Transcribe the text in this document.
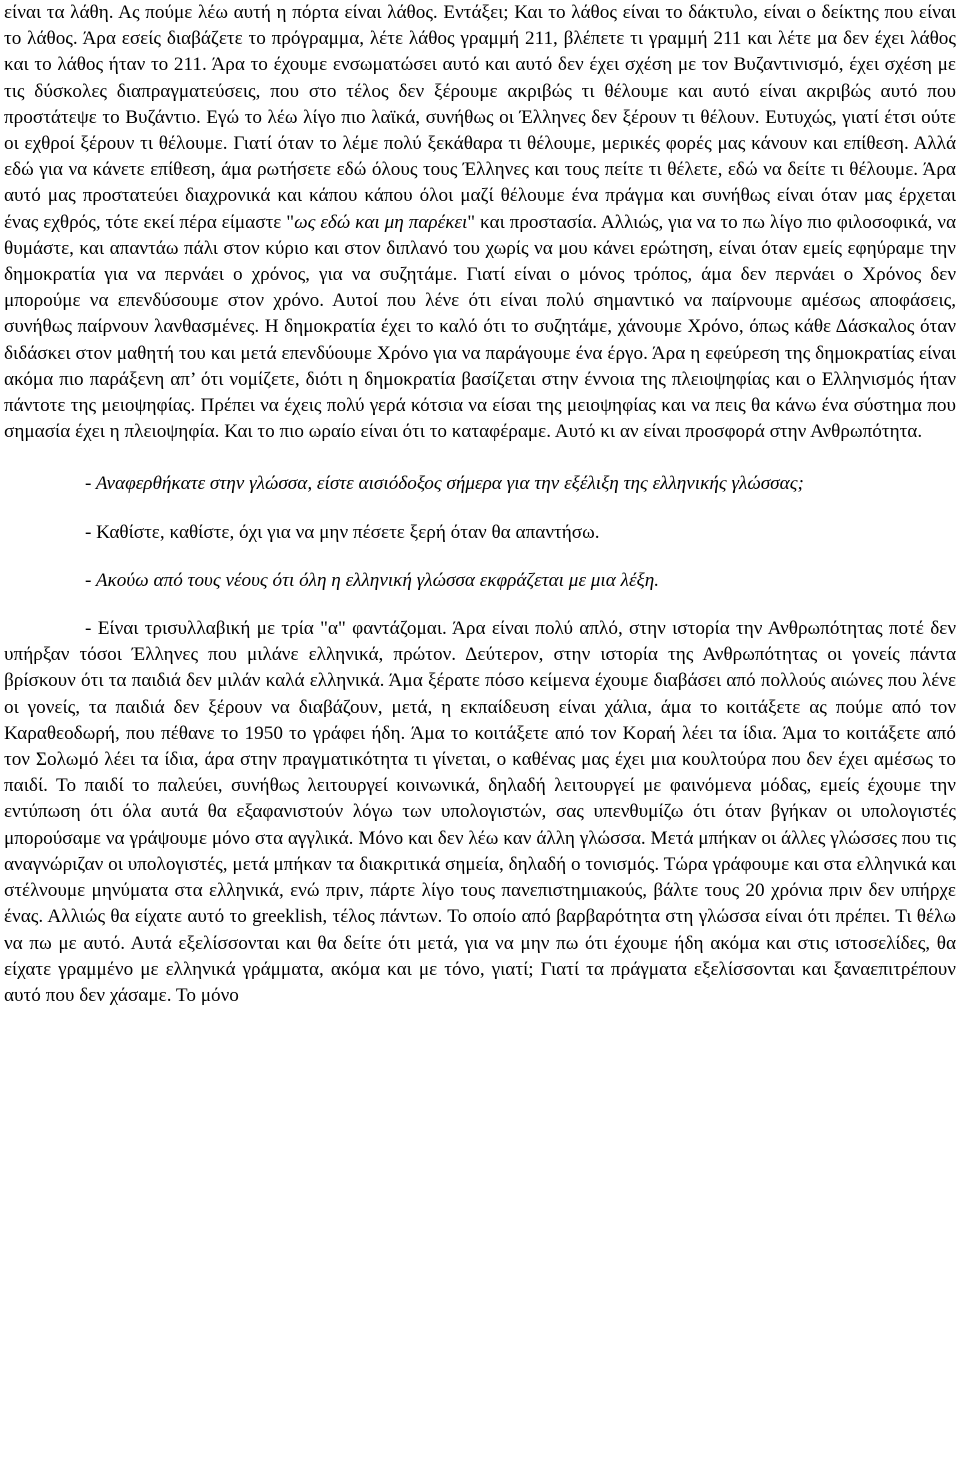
είναι τα λάθη. Ας πούμε λέω αυτή η πόρτα είναι λάθος. Εντάξει; Και το λάθος είναι το δάκτυλο, είναι ο δείκτης που είναι το λάθος. Άρα εσείς διαβάζετε το πρόγραμμα, λέτε λάθος γραμμή 211, βλέπετε τι γραμμή 211 και λέτε μα δεν έχει λάθος και το λάθος ήταν το 211. Άρα το έχουμε ενσωματώσει αυτό και αυτό δεν έχει σχέση με τον Βυζαντινισμό, έχει σχέση με τις δύσκολες διαπραγματεύσεις, που στο τέλος δεν ξέρουμε ακριβώς τι θέλουμε και αυτό είναι ακριβώς αυτό που προστάτεψε το Βυζάντιο. Εγώ το λέω λίγο πιο λαϊκά, συνήθως οι Έλληνες δεν ξέρουν τι θέλουν. Ευτυχώς, γιατί έτσι ούτε οι εχθροί ξέρουν τι θέλουμε. Γιατί όταν το λέμε πολύ ξεκάθαρα τι θέλουμε, μερικές φορές μας κάνουν και επίθεση. Αλλά εδώ για να κάνετε επίθεση, άμα ρωτήσετε εδώ όλους τους Έλληνες και τους πείτε τι θέλετε, εδώ να δείτε τι θέλουμε. Άρα αυτό μας προστατεύει διαχρονικά και κάπου κάπου όλοι μαζί θέλουμε ένα πράγμα και συνήθως είναι όταν μας έρχεται ένας εχθρός, τότε εκεί πέρα είμαστε "ως εδώ και μη παρέκει" και προστασία. Αλλιώς, για να το πω λίγο πιο φιλοσοφικά, να θυμάστε, και απαντάω πάλι στον κύριο και στον διπλανό του χωρίς να μου κάνει ερώτηση, είναι όταν εμείς εφηύραμε την δημοκρατία για να περνάει ο χρόνος, για να συζητάμε. Γιατί είναι ο μόνος τρόπος, άμα δεν περνάει ο Χρόνος δεν μπορούμε να επενδύσουμε στον χρόνο. Αυτοί που λένε ότι είναι πολύ σημαντικό να παίρνουμε αμέσως αποφάσεις, συνήθως παίρνουν λανθασμένες. Η δημοκρατία έχει το καλό ότι το συζητάμε, χάνουμε Χρόνο, όπως κάθε Δάσκαλος όταν διδάσκει στον μαθητή του και μετά επενδύουμε Χρόνο για να παράγουμε ένα έργο. Άρα η εφεύρεση της δημοκρατίας είναι ακόμα πιο παράξενη απ’ ότι νομίζετε, διότι η δημοκρατία βασίζεται στην έννοια της πλειοψηφίας και ο Ελληνισμός ήταν πάντοτε της μειοψηφίας. Πρέπει να έχεις πολύ γερά κότσια να είσαι της μειοψηφίας και να πεις θα κάνω ένα σύστημα που σημασία έχει η πλειοψηφία. Και το πιο ωραίο είναι ότι το καταφέραμε. Αυτό κι αν είναι προσφορά στην Ανθρωπότητα.

- Αναφερθήκατε στην γλώσσα, είστε αισιόδοξος σήμερα για την εξέλιξη της ελληνικής γλώσσας;

- Καθίστε, καθίστε, όχι για να μην πέσετε ξερή όταν θα απαντήσω.

- Ακούω από τους νέους ότι όλη η ελληνική γλώσσα εκφράζεται με μια λέξη.

- Είναι τρισυλλαβική με τρία "α" φαντάζομαι. Άρα είναι πολύ απλό, στην ιστορία την Ανθρωπότητας ποτέ δεν υπήρξαν τόσοι Έλληνες που μιλάνε ελληνικά, πρώτον. Δεύτερον, στην ιστορία της Ανθρωπότητας οι γονείς πάντα βρίσκουν ότι τα παιδιά δεν μιλάν καλά ελληνικά. Άμα ξέρατε πόσο κείμενα έχουμε διαβάσει από πολλούς αιώνες που λένε οι γονείς, τα παιδιά δεν ξέρουν να διαβάζουν, μετά, η εκπαίδευση είναι χάλια, άμα το κοιτάξετε ας πούμε από τον Καραθεοδωρή, που πέθανε το 1950 το γράφει ήδη. Άμα το κοιτάξετε από τον Κοραή λέει τα ίδια. Άμα το κοιτάξετε από τον Σολωμό λέει τα ίδια, άρα στην πραγματικότητα τι γίνεται, ο καθένας μας έχει μια κουλτούρα που δεν έχει αμέσως το παιδί. Το παιδί το παλεύει, συνήθως λειτουργεί κοινωνικά, δηλαδή λειτουργεί με φαινόμενα μόδας, εμείς έχουμε την εντύπωση ότι όλα αυτά θα εξαφανιστούν λόγω των υπολογιστών, σας υπενθυμίζω ότι όταν βγήκαν οι υπολογιστές μπορούσαμε να γράψουμε μόνο στα αγγλικά. Μόνο και δεν λέω καν άλλη γλώσσα. Μετά μπήκαν οι άλλες γλώσσες που τις αναγνώριζαν οι υπολογιστές, μετά μπήκαν τα διακριτικά σημεία, δηλαδή ο τονισμός. Τώρα γράφουμε και στα ελληνικά και στέλνουμε μηνύματα στα ελληνικά, ενώ πριν, πάρτε λίγο τους πανεπιστημιακούς, βάλτε τους 20 χρόνια πριν δεν υπήρχε ένας. Αλλιώς θα είχατε αυτό το greeklish, τέλος πάντων. Το οποίο από βαρβαρότητα στη γλώσσα είναι ότι πρέπει. Τι θέλω να πω με αυτό. Αυτά εξελίσσονται και θα δείτε ότι μετά, για να μην πω ότι έχουμε ήδη ακόμα και στις ιστοσελίδες, θα είχατε γραμμένο με ελληνικά γράμματα, ακόμα και με τόνο, γιατί; Γιατί τα πράγματα εξελίσσονται και ξαναεπιτρέπουν αυτό που δεν χάσαμε. Το μόνο
